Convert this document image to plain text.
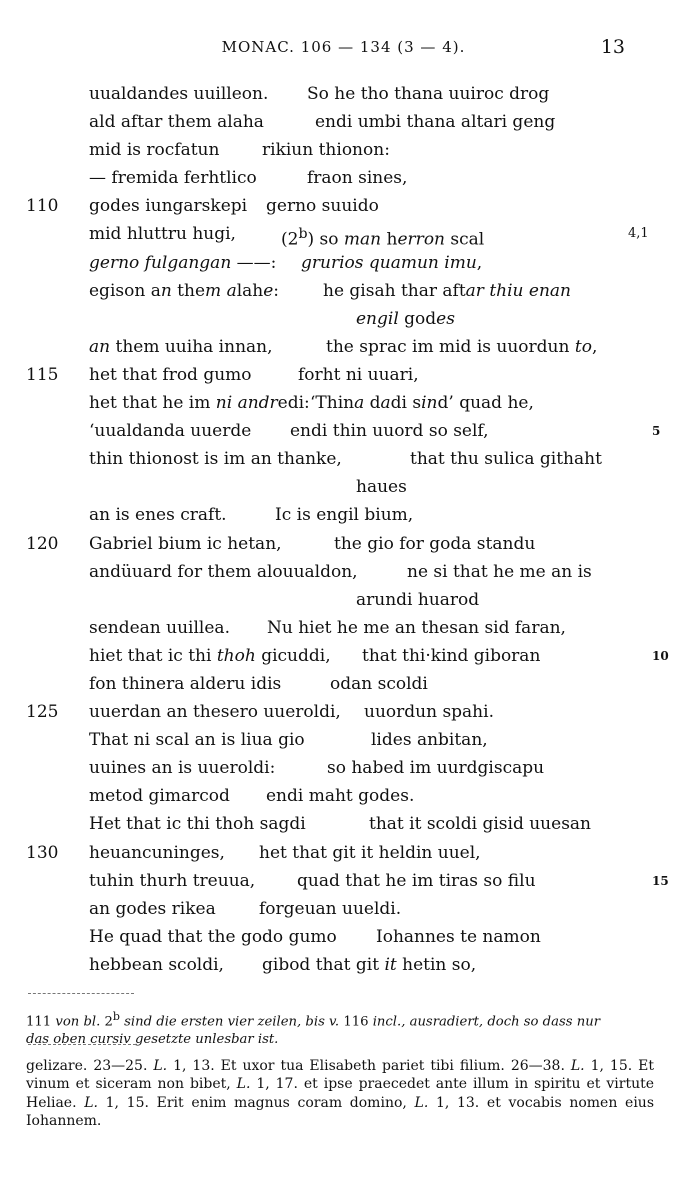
MONAC. 106 — 134 (3 — 4).	13
uualdandes uuilleon. So he tho thana uuiroc drog
ald aftar them alaha	endi umbi thana altari geng
mid is rocfatun	rikiun thionon:
— fremida ferhtlico	fraon sines,
110	godes iungarskepi gerno suuido
mid hluttru hugi,	(2$^b$) so man herron scal	4,1
gerno fulgangan ——: grurios quamun imu,
egison an them alahe:	he gisah thar aftar thiu enan
engil godes
an them uuiha innan,	the sprac im mid is uuordun to,
115	het that frod gumo	forht ni uuari,
het that he im ni andredi: ‘Thina dadi sind’ quad he,
‘uualdanda uuerde endi thin uuord so self,	5
thin thionost is im an thanke,	that thu sulica githaht
haues
an is enes craft.	Ic is engil bium,
120	Gabriel bium ic hetan,	the gio for goda standu
andüuard for them alouualdon,	ne si that he me an is
arundi huarod
sendean uuillea. Nu hiet he me an thesan sid faran,
hiet that ic thi thoh gicuddi, that thi·kind giboran	10
fon thinera alderu idis	odan scoldi
125	uuerdan an thesero uueroldi, uuordun spahi.
That ni scal an is liua gio	lides anbitan,
uuines an is uueroldi:	so habed im uurdgiscapu
metod gimarcod endi maht godes.
Het that ic thi thoh sagdi	that it scoldi gisid uuesan
130	heuancuninges, het that git it heldin uuel,
tuhin thurh treuua, quad that he im tiras so filu	15
an godes rikea	forgeuan uueldi.
He quad that the godo gumo Iohannes te namon
hebbean scoldi, gibod that git it hetin so,
111 von bl. 2$^b$ sind die ersten vier zeilen, bis v. 116 incl., ausradiert, doch so dass nur das oben cursiv gesetzte unlesbar ist.
gelizare. 23—25. L. 1, 13. Et uxor tua Elisabeth pariet tibi filium. 26—38. L. 1, 15. Et vinum et siceram non bibet, L. 1, 17. et ipse praecedet ante illum in spiritu et virtute Heliae. L. 1, 15. Erit enim magnus coram domino, L. 1, 13. et vocabis nomen eius Iohannem.
